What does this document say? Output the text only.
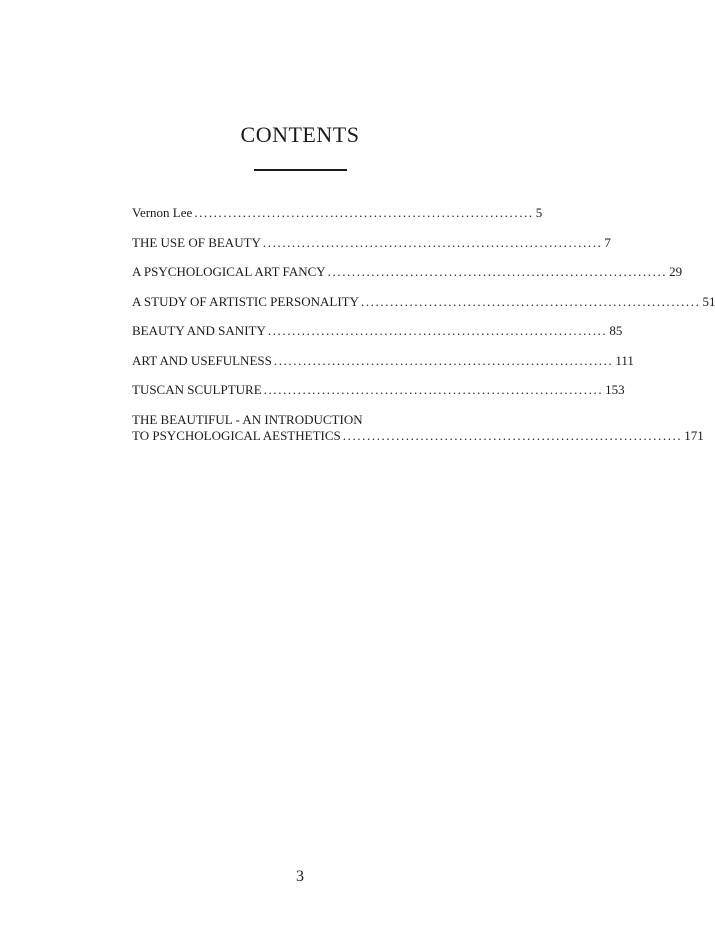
CONTENTS
Vernon Lee ...................................................................... 5
THE USE OF BEAUTY ...................................................................... 7
A PSYCHOLOGICAL ART FANCY ...................................................................... 29
A STUDY OF ARTISTIC PERSONALITY ...................................................................... 51
BEAUTY AND SANITY ...................................................................... 85
ART AND USEFULNESS ...................................................................... 111
TUSCAN SCULPTURE ...................................................................... 153
THE BEAUTIFUL - AN INTRODUCTION
TO PSYCHOLOGICAL AESTHETICS ...................................................................... 171
3
